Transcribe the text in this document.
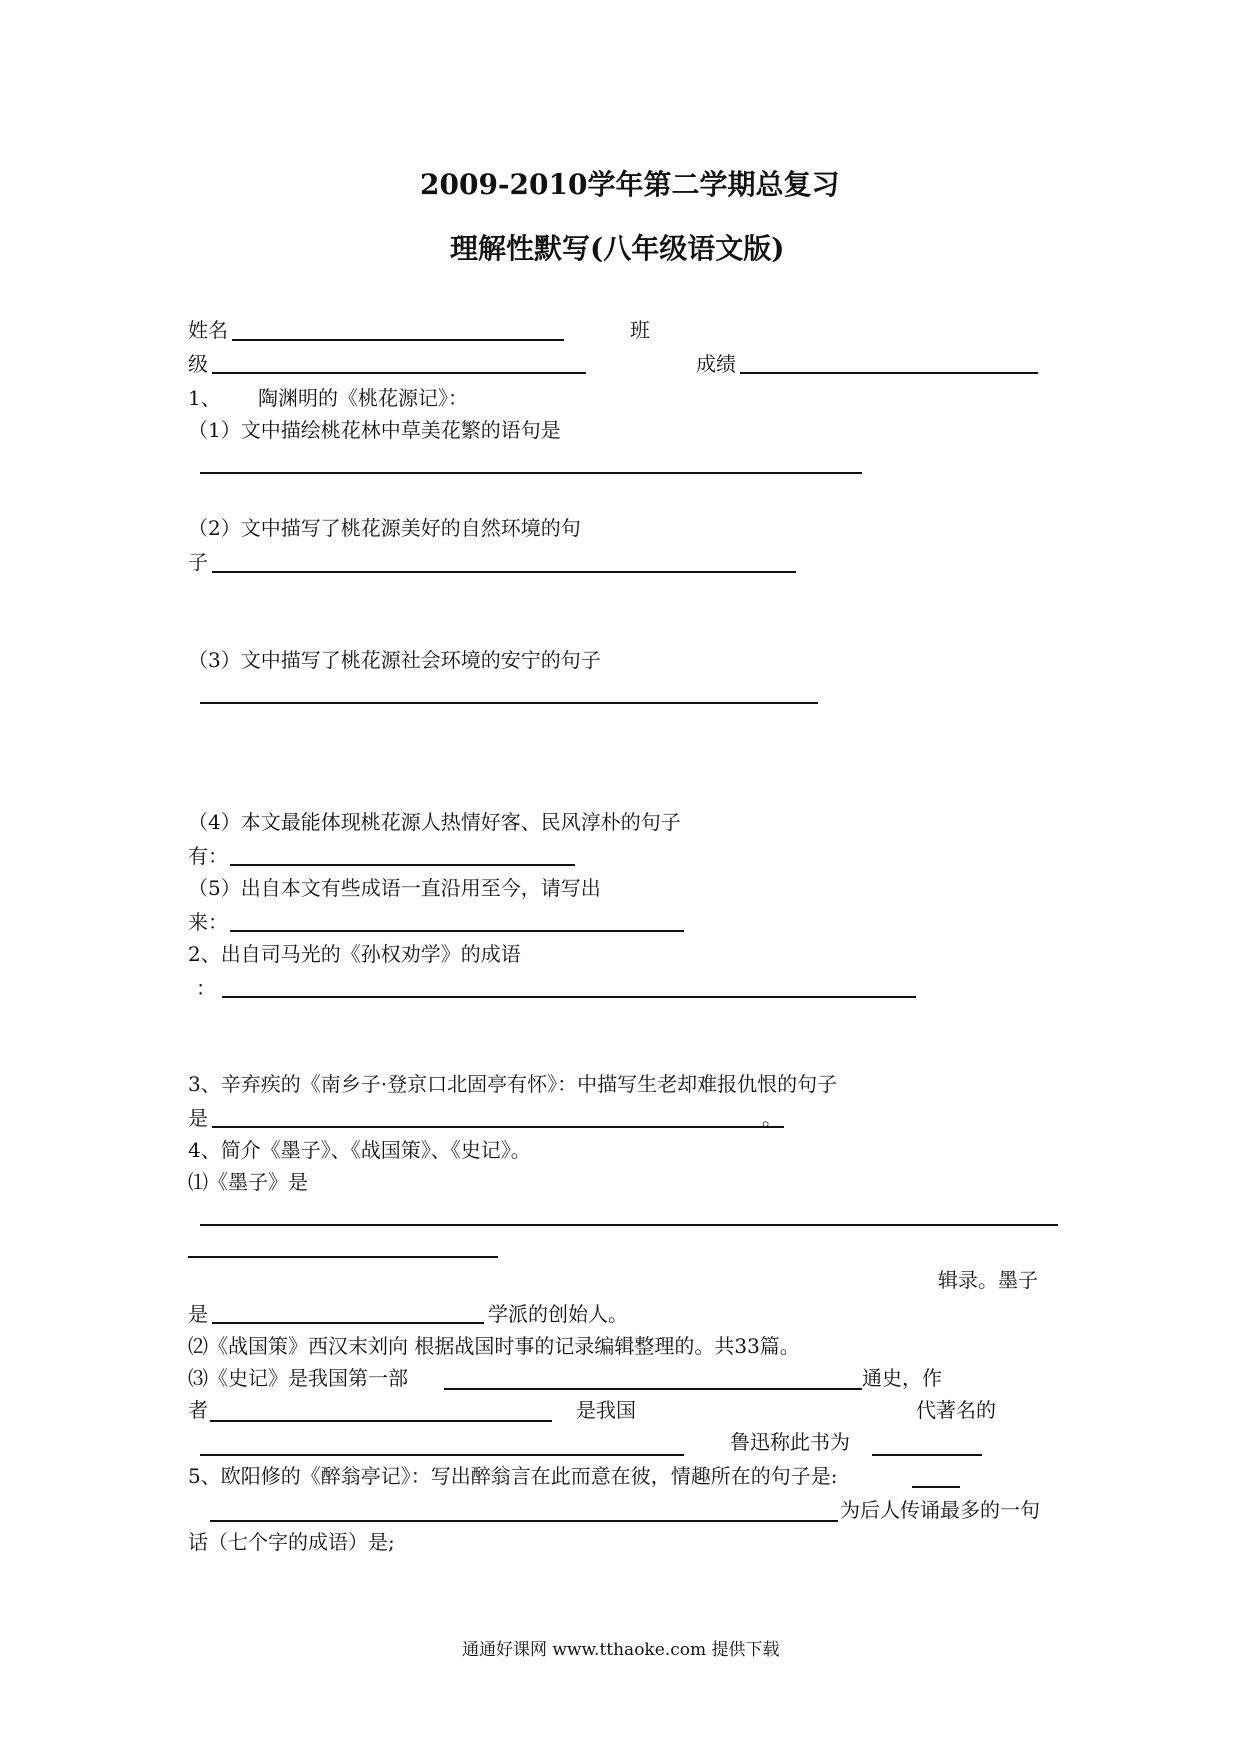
2009-2010学年第二学期总复习
理解性默写(八年级语文版)
姓名	班
级	成绩
1、 陶渊明的《桃花源记》：
（1）文中描绘桃花林中草美花繁的语句是
（2）文中描写了桃花源美好的自然环境的句
子
（3）文中描写了桃花源社会环境的安宁的句子
（4）本文最能体现桃花源人热情好客、民风淳朴的句子
有：
（5）出自本文有些成语一直沿用至今，请写出
来：
2、出自司马光的《孙权劝学》的成语
：
3、辛弃疾的《南乡子·登京口北固亭有怀》：中描写生老却难报仇恨的句子
是	。
4、简介《墨子》、《战国策》、《史记》。
⑴《墨子》是
辑录。墨子
是	学派的创始人。
⑵《战国策》西汉末刘向 根据战国时事的记录编辑整理的。共33篇。
⑶《史记》是我国第一部	通史，作
者	是我国	代著名的
鲁迅称此书为
5、欧阳修的《醉翁亭记》：写出醉翁言在此而意在彼，情趣所在的句子是:
为后人传诵最多的一句
话（七个字的成语）是;
通通好课网 www.tthaoke.com 提供下载
